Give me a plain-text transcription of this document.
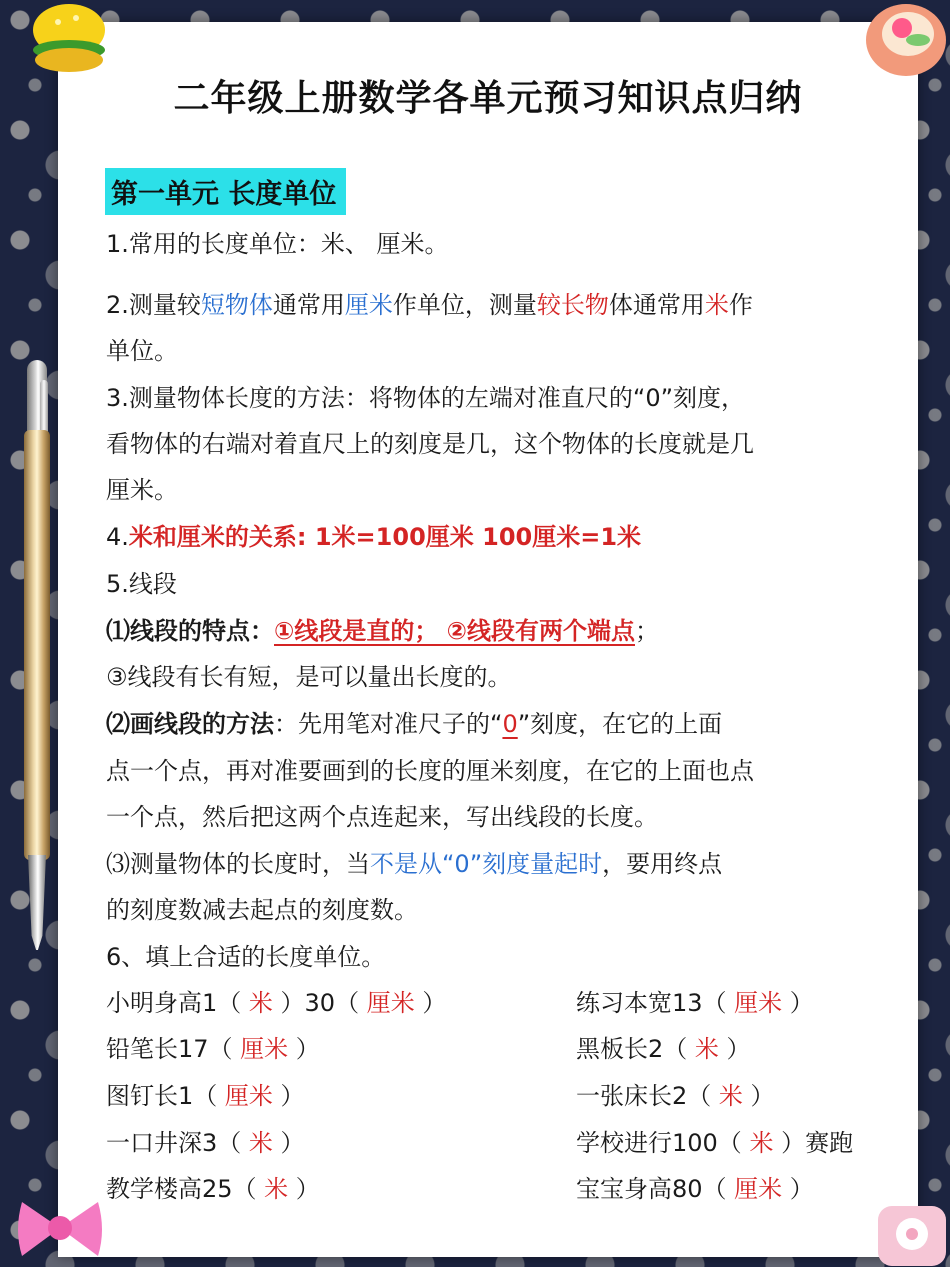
二年级上册数学各单元预习知识点归纳
第一单元 长度单位
1.常用的长度单位：米、 厘米。
2.测量较短物体通常用厘米作单位，测量较长物体通常用米作
单位。
3.测量物体长度的方法：将物体的左端对准直尺的“0”刻度，
看物体的右端对着直尺上的刻度是几，这个物体的长度就是几
厘米。
4.米和厘米的关系: 1米=100厘米 100厘米=1米
5.线段
⑴线段的特点：①线段是直的； ②线段有两个端点；
③线段有长有短，是可以量出长度的。
⑵画线段的方法：先用笔对准尺子的“0”刻度，在它的上面
点一个点，再对准要画到的长度的厘米刻度，在它的上面也点
一个点，然后把这两个点连起来，写出线段的长度。
⑶测量物体的长度时，当不是从“0”刻度量起时，要用终点
的刻度数减去起点的刻度数。
6、填上合适的长度单位。
小明身高1（ 米 ）30（ 厘米 ）	练习本宽13（ 厘米 ）
铅笔长17（ 厘米 ）	黑板长2（ 米 ）
图钉长1（ 厘米 ）	一张床长2（ 米 ）
一口井深3（ 米 ）	学校进行100（ 米 ）赛跑
教学楼高25（ 米 ）	宝宝身高80（ 厘米 ）
